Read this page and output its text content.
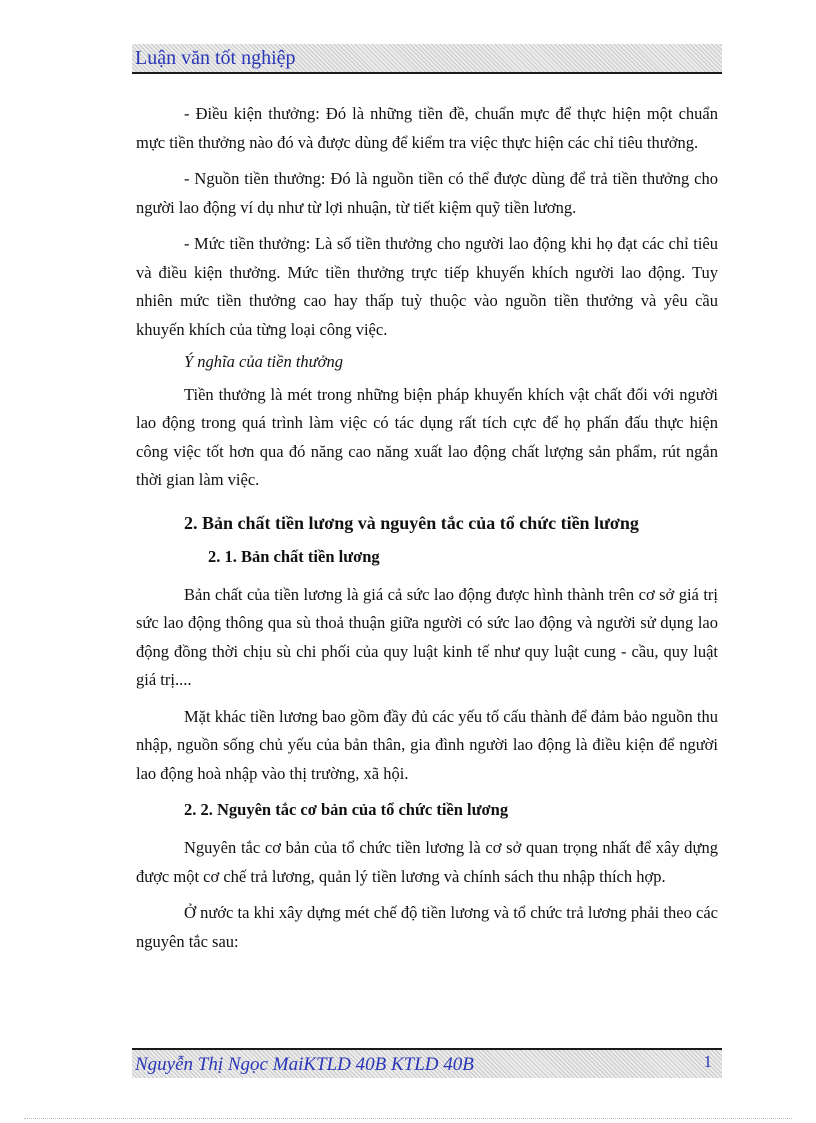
Luận văn tốt nghiệp

- Điều kiện thưởng: Đó là những tiền đề, chuẩn mực để thực hiện một chuẩn mực tiền thưởng nào đó và được dùng để kiểm tra việc thực hiện các chỉ tiêu thưởng.

- Nguồn tiền thưởng: Đó là nguồn tiền có thể được dùng để trả tiền thưởng cho người lao động ví dụ như từ lợi nhuận, từ tiết kiệm quỹ tiền lương.

- Mức tiền thưởng: Là số tiền thưởng cho người lao động khi họ đạt các chỉ tiêu và điều kiện thưởng. Mức tiền thưởng trực tiếp khuyến khích người lao động. Tuy nhiên mức tiền thưởng cao hay thấp tuỳ thuộc vào nguồn tiền thưởng và yêu cầu khuyến khích của từng loại công việc.

Ý nghĩa của tiền thưởng

Tiền thưởng là mét trong những biện pháp khuyến khích vật chất đối với người lao động trong quá trình làm việc có tác dụng rất tích cực để họ phấn đấu thực hiện công việc tốt hơn qua đó năng cao năng xuất lao động chất lượng sản phẩm, rút ngắn thời gian làm việc.

2. Bản chất tiền lương và nguyên tắc của tổ chức tiền lương
2. 1. Bản chất tiền lương

Bản chất của tiền lương là giá cả sức lao động được hình thành trên cơ sở giá trị sức lao động thông qua sù thoả thuận giữa người có sức lao động và người sử dụng lao động đồng thời chịu sù chi phối của quy luật kinh tế như quy luật cung - cầu, quy luật giá trị....

Mặt khác tiền lương bao gồm đầy đủ các yếu tố cấu thành để đảm bảo nguồn thu nhập, nguồn sống chủ yếu của bản thân, gia đình người lao động là điều kiện để người lao động hoà nhập vào thị trường, xã hội.

2. 2. Nguyên tắc cơ bản của tổ chức tiền lương

Nguyên tắc cơ bản của tổ chức tiền lương là cơ sở quan trọng nhất để xây dựng được một cơ chế trả lương, quản lý tiền lương và chính sách thu nhập thích hợp.

Ở nước ta khi xây dựng mét chế độ tiền lương và tổ chức trả lương phải theo các nguyên tắc sau:

Nguyễn Thị Ngọc MaiKTLD 40B KTLD 40B	1
